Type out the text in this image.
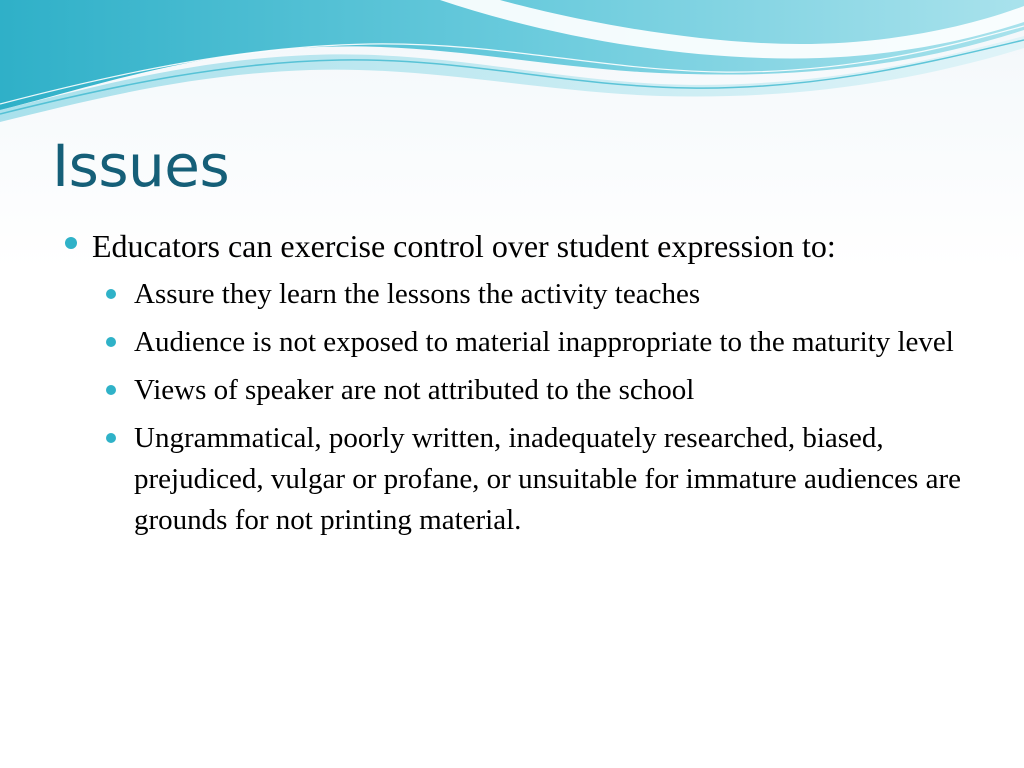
Issues
Educators can exercise control over student expression to:
Assure they learn the lessons the activity teaches
Audience is not exposed to material inappropriate to the maturity level
Views of speaker are not attributed to the school
Ungrammatical, poorly written, inadequately researched, biased, prejudiced, vulgar or profane, or unsuitable for immature audiences are grounds for not printing material.
